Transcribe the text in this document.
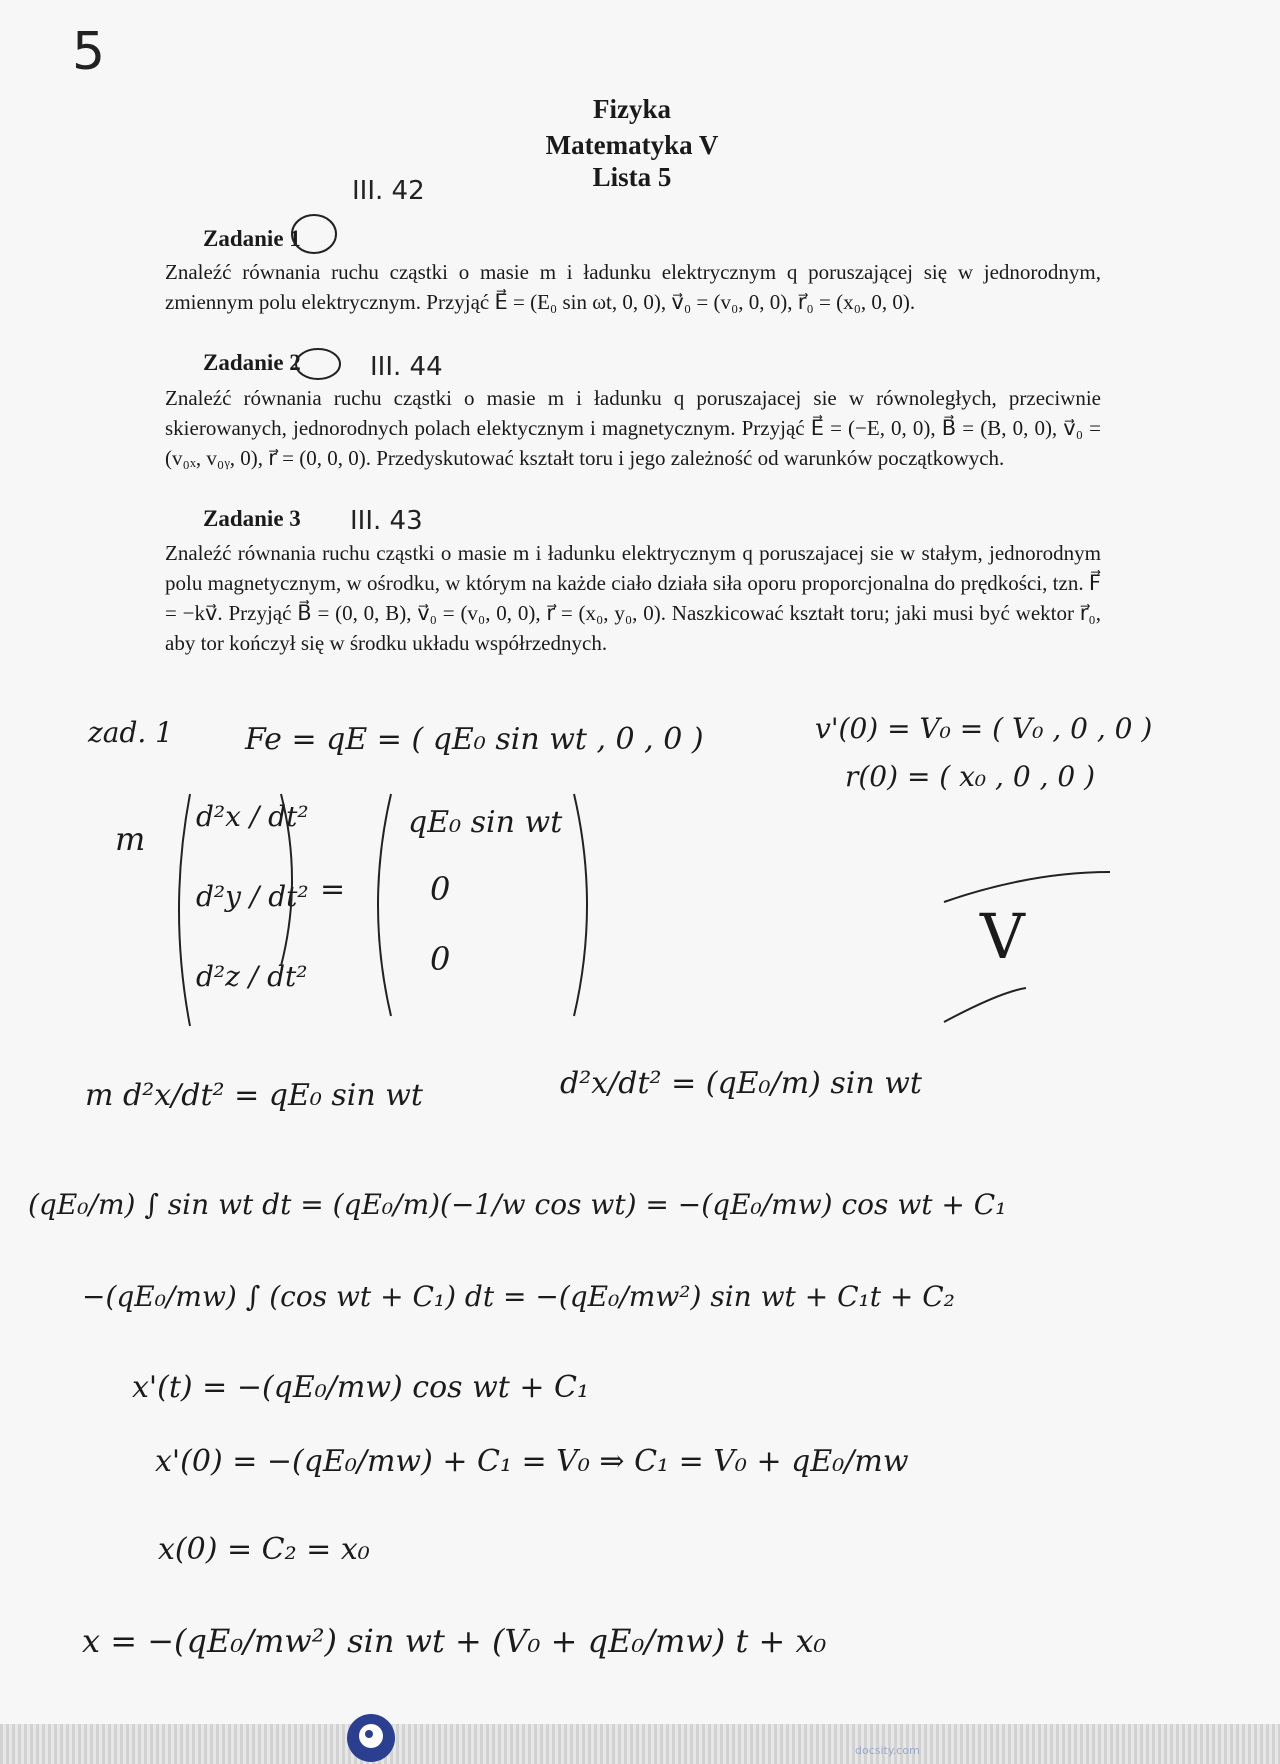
5
Fizyka
Matematyka V
Lista 5
III. 42
Zadanie 1
Znaleźć równania ruchu cząstki o masie m i ładunku elektrycznym q poruszającej się w jednorodnym, zmiennym polu elektrycznym. Przyjąć E⃗ = (E₀ sin ωt, 0, 0), v⃗₀ = (v₀, 0, 0), r⃗₀ = (x₀, 0, 0).
Zadanie 2	III. 44
Znaleźć równania ruchu cząstki o masie m i ładunku q poruszajacej sie w równoległych, przeciwnie skierowanych, jednorodnych polach elektycznym i magnetycznym. Przyjąć E⃗ = (−E, 0, 0), B⃗ = (B, 0, 0), v⃗₀ = (v₀ₓ, v₀ᵧ, 0), r⃗ = (0, 0, 0). Przedyskutować kształt toru i jego zależność od warunków początkowych.
Zadanie 3 III. 43
Znaleźć równania ruchu cząstki o masie m i ładunku elektrycznym q poruszajacej sie w stałym, jednorodnym polu magnetycznym, w ośrodku, w którym na każde ciało działa siła oporu proporcjonalna do prędkości, tzn. F⃗ = −kv⃗. Przyjąć B⃗ = (0, 0, B), v⃗₀ = (v₀, 0, 0), r⃗ = (x₀, y₀, 0). Naszkicować kształt toru; jaki musi być wektor r⃗₀, aby tor kończył się w środku układu współrzednych.
zad. 1 Fe = qE = ( qE₀ sin wt , 0 , 0 )	v'(0) = V₀ = ( V₀ , 0 , 0 )
r(0) = ( x₀ , 0 , 0 )
m
d²x / dt²
d²y / dt²
d²z / dt²
=
qE₀ sin wt
0
0	V
m d²x/dt² = qE₀ sin wt	d²x/dt² = (qE₀/m) sin wt
(qE₀/m) ∫ sin wt dt = (qE₀/m)(−1/w cos wt) = −(qE₀/mw) cos wt + C₁
−(qE₀/mw) ∫ (cos wt + C₁) dt = −(qE₀/mw²) sin wt + C₁t + C₂
x'(t) = −(qE₀/mw) cos wt + C₁
x'(0) = −(qE₀/mw) + C₁ = V₀ ⇒ C₁ = V₀ + qE₀/mw
x(0) = C₂ = x₀
x = −(qE₀/mw²) sin wt + (V₀ + qE₀/mw) t + x₀
docsity.com
